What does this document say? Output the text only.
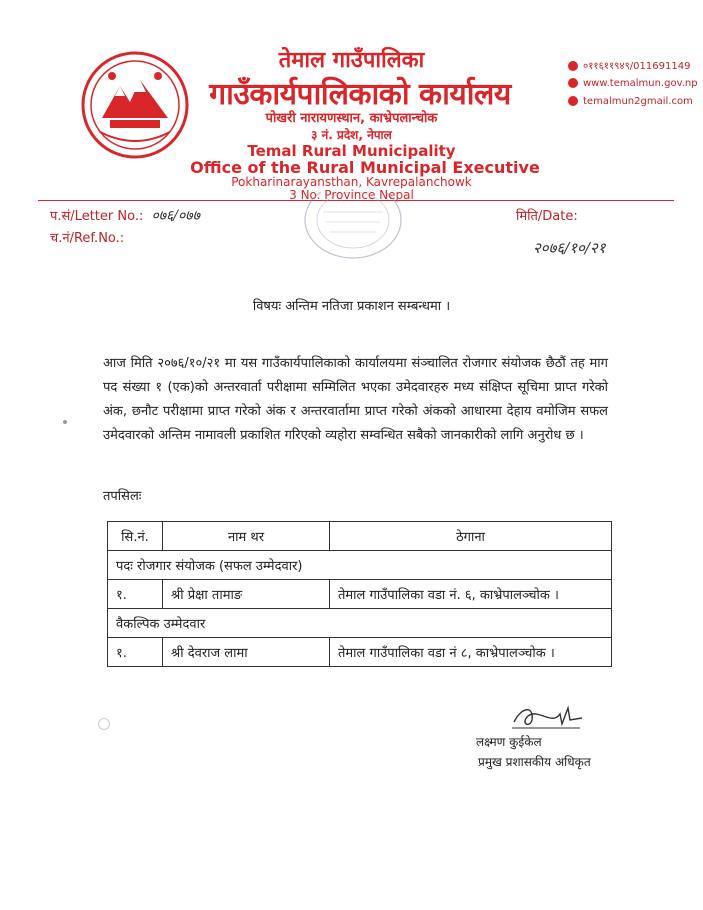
तेमाल गाउँपालिका
गाउँकार्यपालिकाको कार्यालय
पोखरी नारायणस्थान, काभ्रेपलान्चोक
३ नं. प्रदेश, नेपाल
Temal Rural Municipality
Office of the Rural Municipal Executive
Pokharinarayansthan, Kavrepalanchowk
3 No. Province Nepal
०११६११९४९/011691149
www.temalmun.gov.np
temalmun2gmail.com
प.सं/Letter No.: ०७६/०७७
च.नं/Ref.No.:
मिति/Date:
२०७६/१०/२१
विषयः अन्तिम नतिजा प्रकाशन सम्बन्धमा ।
आज मिति २०७६/१०/२१ मा यस गाउँकार्यपालिकाको कार्यालयमा संञ्चालित रोजगार संयोजक छैठौं तह माग पद संख्या १ (एक)को अन्तरवार्ता परीक्षामा सम्मिलित भएका उमेदवारहरु मध्य संक्षिप्त सूचिमा प्राप्त गरेको अंक, छनौट परीक्षामा प्राप्त गरेको अंक र अन्तरवार्तामा प्राप्त गरेको अंकको आधारमा देहाय वमोजिम सफल उमेदवारको अन्तिम नामावली प्रकाशित गरिएको व्यहोरा सम्वन्धित सबैको जानकारीको लागि अनुरोध छ ।
तपसिलः
सि.नं.	नाम थर	ठेगाना
पदः रोजगार संयोजक (सफल उम्मेदवार)		
१.	श्री प्रेक्षा तामाङ	तेमाल गाउँपालिका वडा नं. ६, काभ्रेपालञ्चोक ।
वैकल्पिक उम्मेदवार		
१.	श्री देवराज लामा	तेमाल गाउँपालिका वडा नं ८, काभ्रेपालञ्चोक ।
लक्ष्मण कुईकेल
प्रमुख प्रशासकीय अधिकृत
